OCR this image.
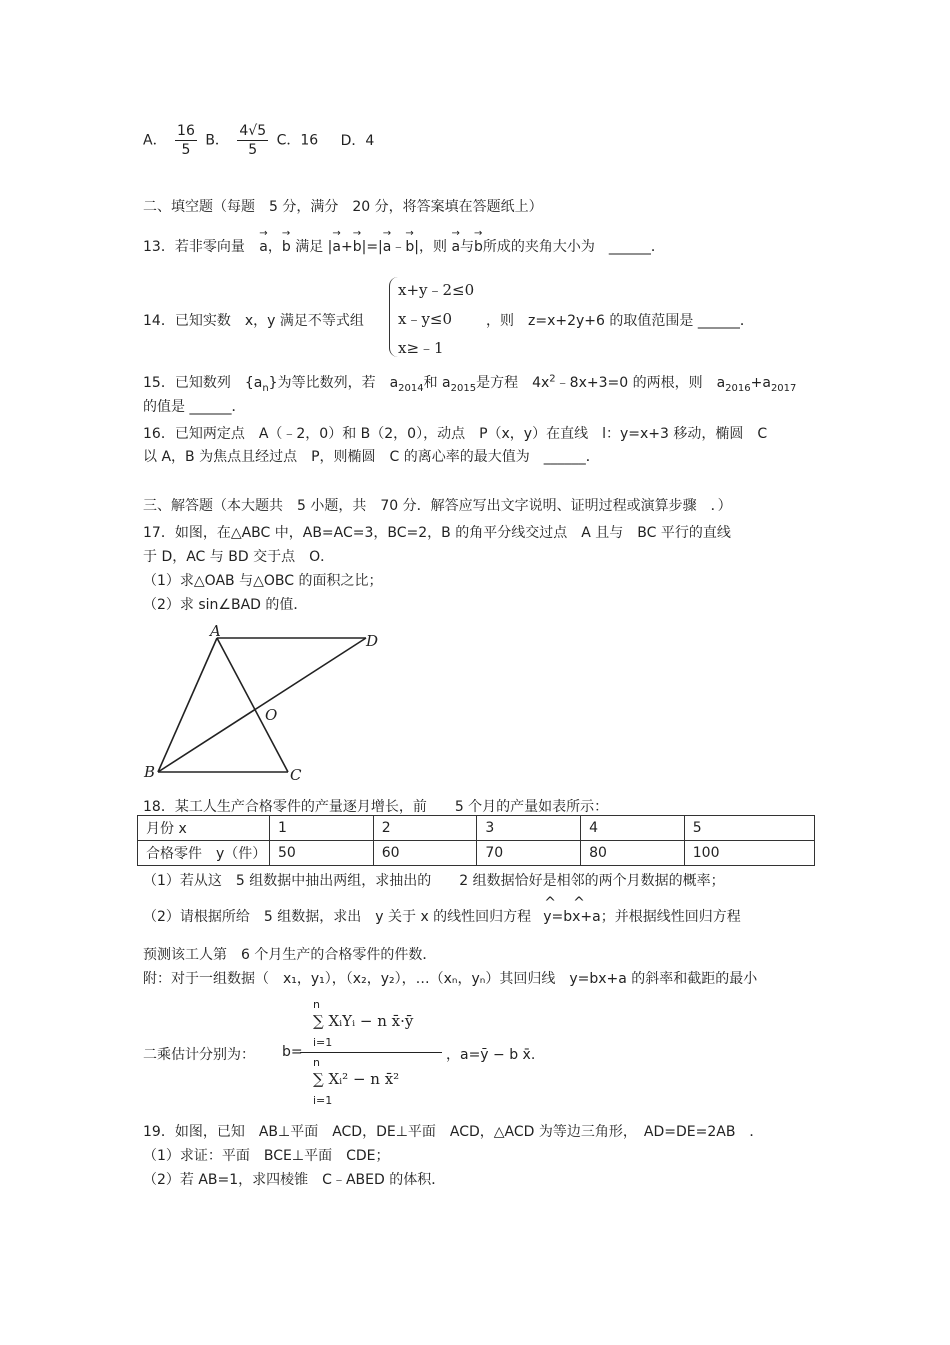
A． $\frac{16}{5}$ B． $\frac{4√5}{5}$ C．16 D．4
二、填空题（每题　5 分，满分　20 分，将答案填在答题纸上）
13．若非零向量 → a，→ b 满足 |→ a+→ b|=|→ a﹣→ b|，则 → a与→ b所成的夹角大小为　______．
14．已知实数　x，y 满足不等式组
x+y﹣2≤0
x﹣y≤0
x≥﹣1
，则　z=x+2y+6 的取值范围是 ______．
15．已知数列　$\{a_n\}$为等比数列，若　$a_{2014}$和 $a_{2015}$是方程　$4x^2﹣8x+3=0$ 的两根，则　$a_{2016}+a_{2017}$
的值是 ______．
16．已知两定点　A（﹣2，0）和 B（2，0），动点　P（x，y）在直线　l：y=x+3 移动，椭圆　C
以 A，B 为焦点且经过点　P，则椭圆　C 的离心率的最大值为　______．
三、解答题（本大题共　5 小题，共　70 分．解答应写出文字说明、证明过程或演算步骤　．）
17．如图，在△ABC 中，AB=AC=3，BC=2，B 的角平分线交过点　A 且与　BC 平行的直线
于 D，AC 与 BD 交于点　O．
（1）求△OAB 与△OBC 的面积之比；
（2）求 sin∠BAD 的值．
A
D
O
B	C
18．某工人生产合格零件的产量逐月增长，前　　5 个月的产量如表所示：
月份 x	1	2	3	4	5
合格零件　y（件）	50	60	70	80	100
（1）若从这　5 组数据中抽出两组，求抽出的　　2 组数据恰好是相邻的两个月数据的概率；
（2）请根据所给　5 组数据，求出　y 关于 x 的线性回归方程 ^ y=b^ x+a；并根据线性回归方程
预测该工人第　6 个月生产的合格零件的件数．
附：对于一组数据（　x₁，y₁），（x₂，y₂），…（xₙ，yₙ）其回归线　y=bx+a 的斜率和截距的最小
二乘估计分别为：
n
i=1
∑ XᵢYᵢ − n x̄·ȳ
b=
n
i=1
∑ Xᵢ² − n x̄²
，a=ȳ − b x̄.
19．如图，已知　AB⊥平面　ACD，DE⊥平面　ACD，△ACD 为等边三角形，　AD=DE=2AB　．
（1）求证：平面　BCE⊥平面　CDE；
（2）若 AB=1，求四棱锥　C﹣ABED 的体积．
